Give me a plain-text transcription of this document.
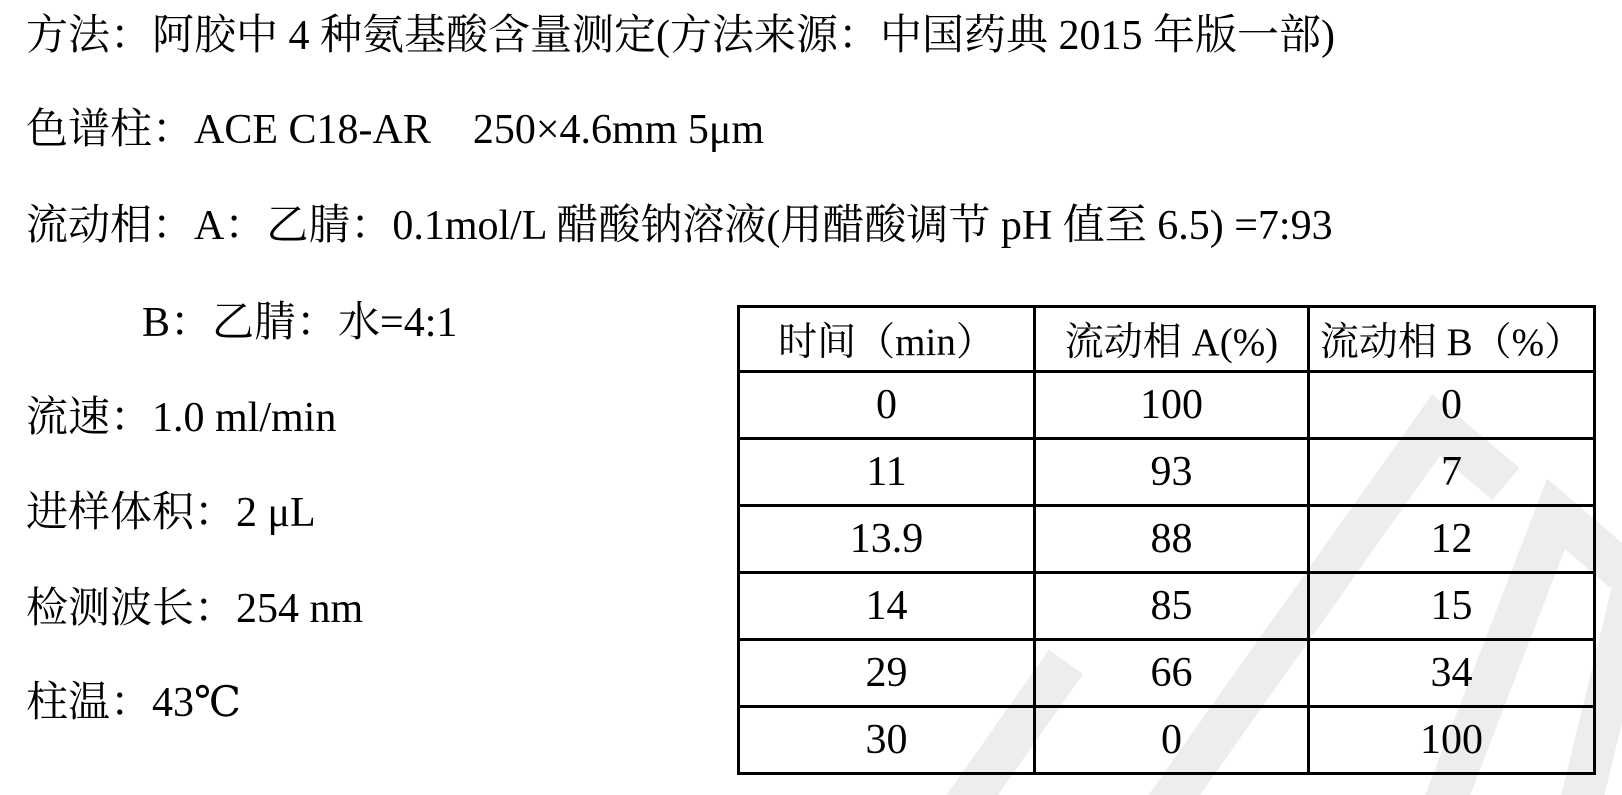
方法：阿胶中 4 种氨基酸含量测定(方法来源：中国药典 2015 年版一部)
色谱柱：ACE C18-AR　250×4.6mm 5μm
流动相：A：乙腈：0.1mol/L 醋酸钠溶液(用醋酸调节 pH 值至 6.5) =7:93
B：乙腈：水=4:1
流速：1.0 ml/min
进样体积：2 μL
检测波长：254 nm
柱温：43℃
时间（min）	流动相 A(%)	流动相 B（%）
0	100	0
11	93	7
13.9	88	12
14	85	15
29	66	34
30	0	100
